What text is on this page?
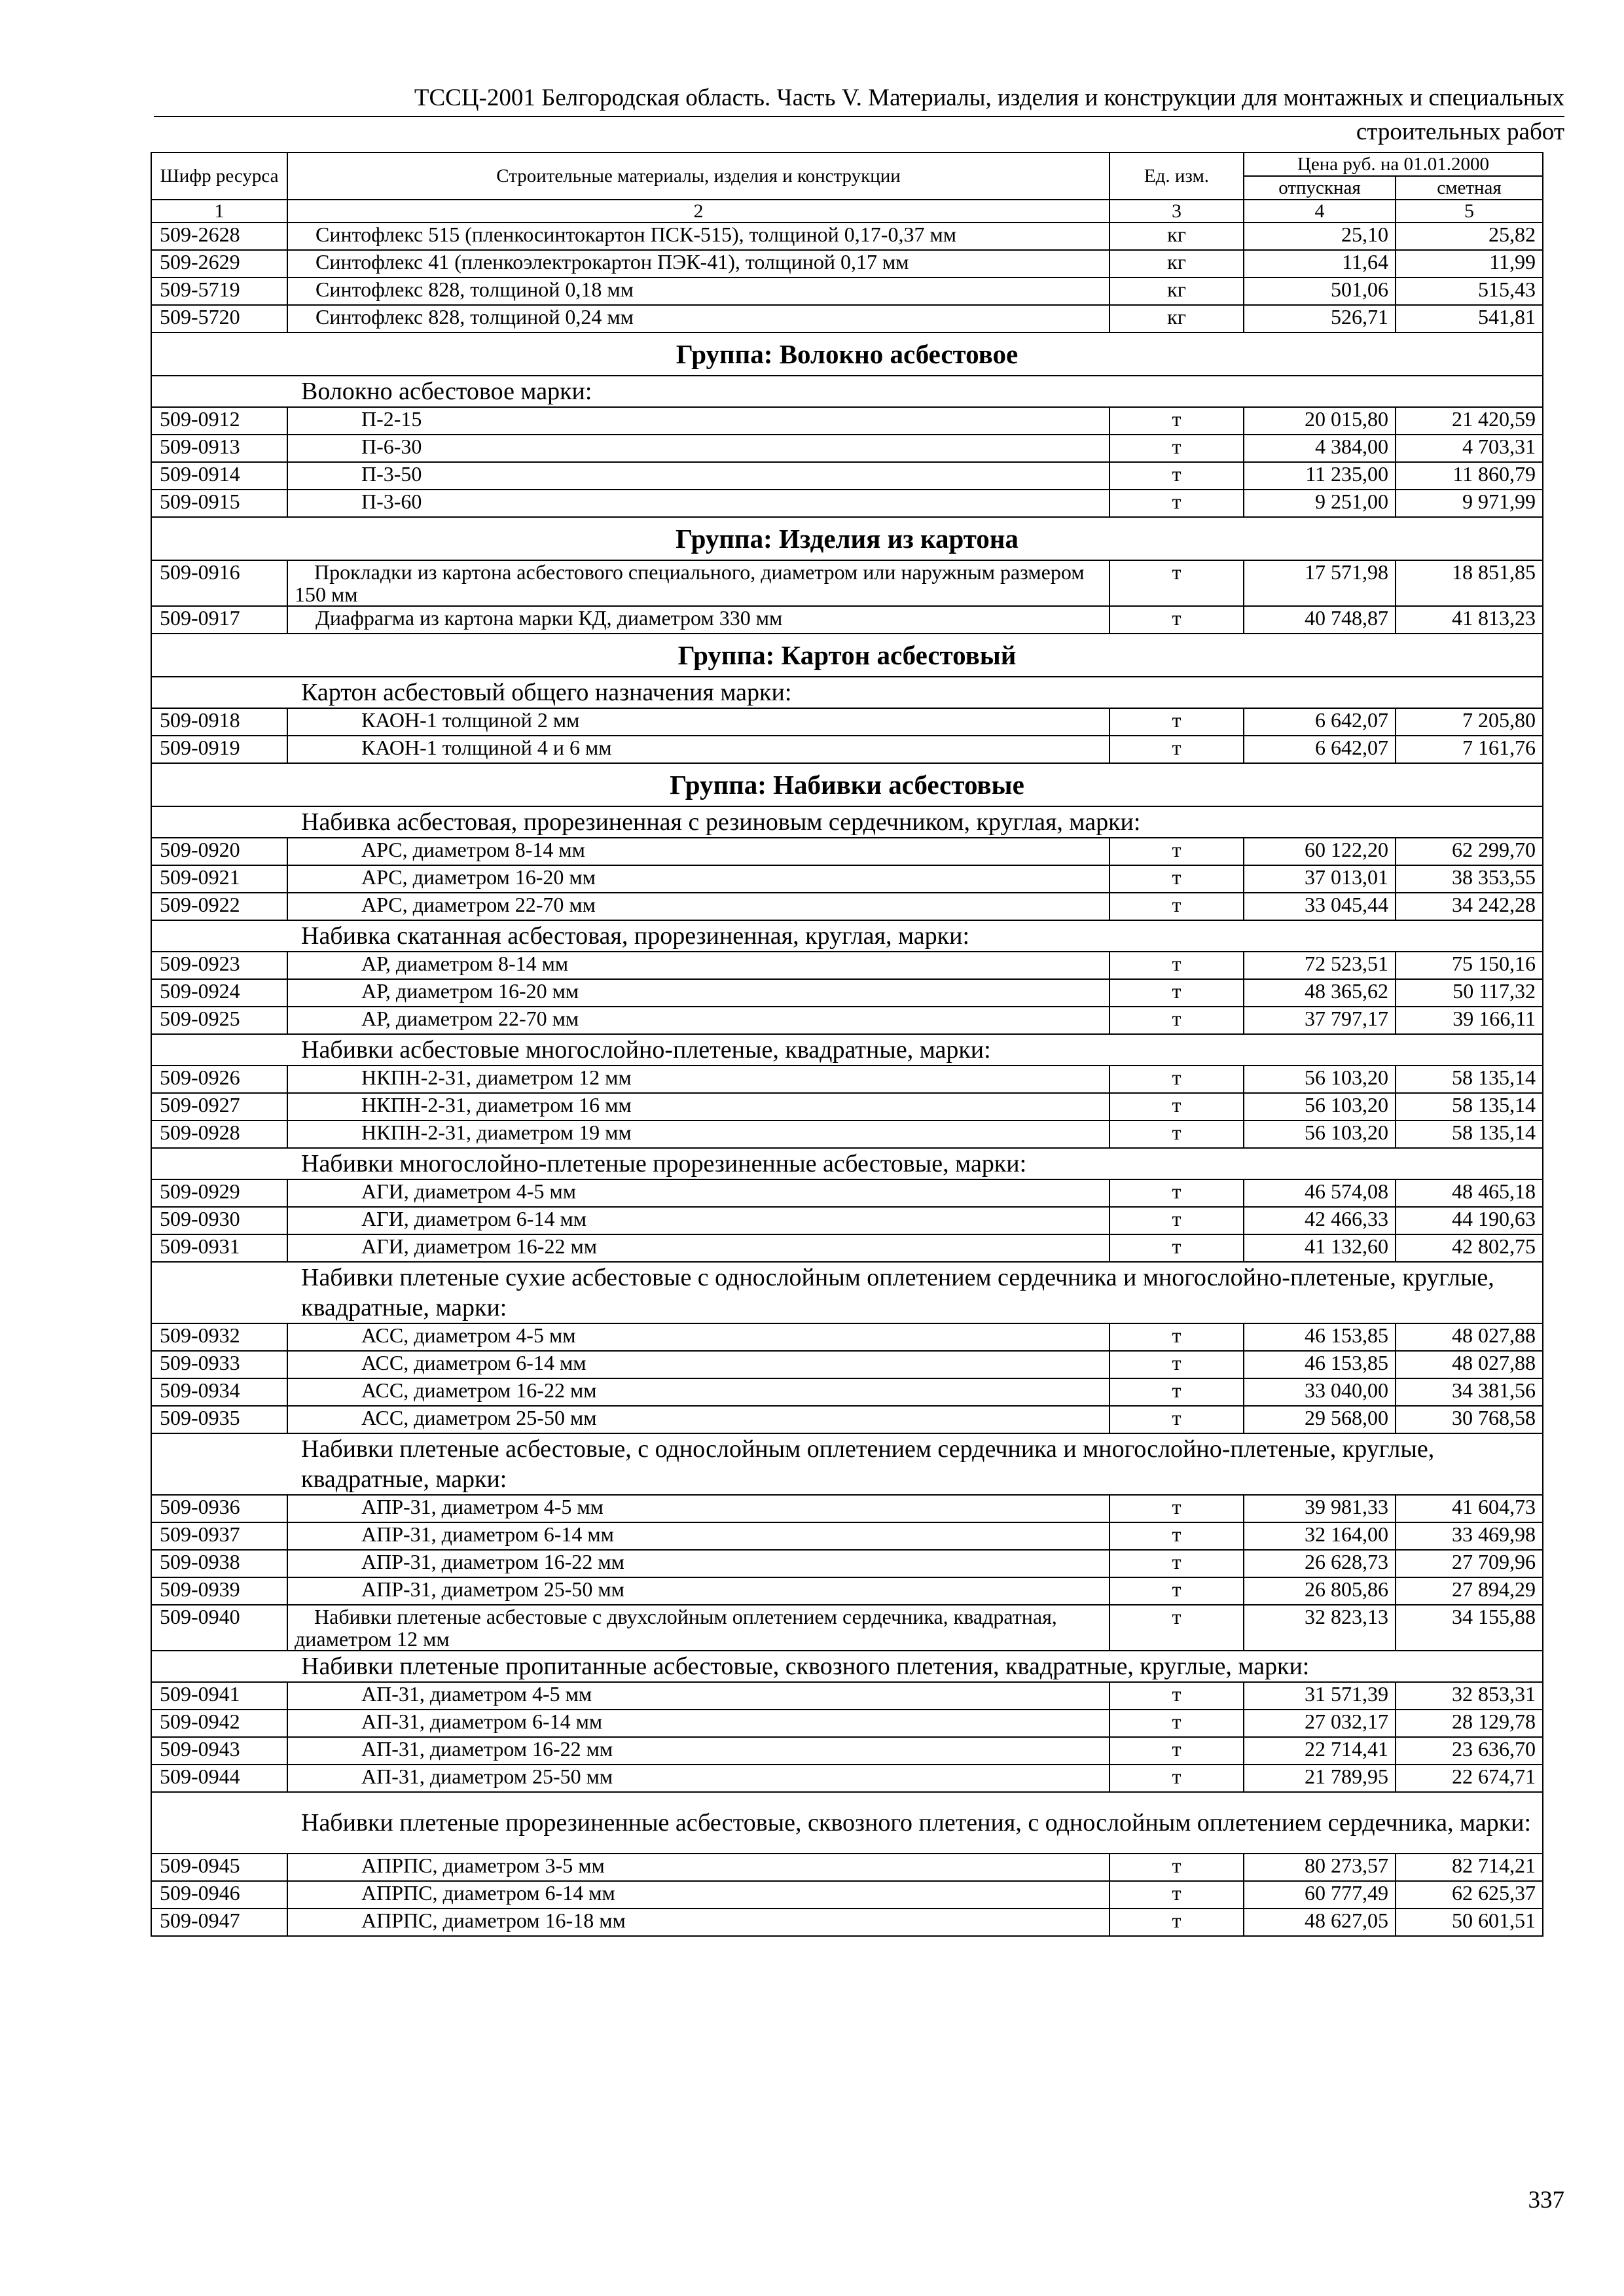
ТССЦ-2001 Белгородская область. Часть V. Материалы, изделия и конструкции для монтажных и специальных
строительных работ
Шифр ресурса	Строительные материалы, изделия и конструкции	Ед. изм.	Цена руб. на 01.01.2000	
			отпускная	сметная
1	2	3	4	5
509-2628	Синтофлекс 515 (пленкосинтокартон ПСК-515), толщиной 0,17-0,37 мм	кг	25,10	25,82
509-2629	Синтофлекс 41 (пленкоэлектрокартон ПЭК-41), толщиной 0,17 мм	кг	11,64	11,99
509-5719	Синтофлекс 828, толщиной 0,18 мм	кг	501,06	515,43
509-5720	Синтофлекс 828, толщиной 0,24 мм	кг	526,71	541,81
Группа: Волокно асбестовое				
Волокно асбестовое марки:				
509-0912	П-2-15	т	20 015,80	21 420,59
509-0913	П-6-30	т	4 384,00	4 703,31
509-0914	П-3-50	т	11 235,00	11 860,79
509-0915	П-3-60	т	9 251,00	9 971,99
Группа: Изделия из картона				
509-0916	Прокладки из картона асбестового специального, диаметром или наружным размером 150 мм	т	17 571,98	18 851,85
509-0917	Диафрагма из картона марки КД, диаметром 330 мм	т	40 748,87	41 813,23
Группа: Картон асбестовый				
Картон асбестовый общего назначения марки:				
509-0918	КАОН-1 толщиной 2 мм	т	6 642,07	7 205,80
509-0919	КАОН-1 толщиной 4 и 6 мм	т	6 642,07	7 161,76
Группа: Набивки асбестовые				
Набивка асбестовая, прорезиненная с резиновым сердечником, круглая, марки:				
509-0920	АРС, диаметром 8-14 мм	т	60 122,20	62 299,70
509-0921	АРС, диаметром 16-20 мм	т	37 013,01	38 353,55
509-0922	АРС, диаметром 22-70 мм	т	33 045,44	34 242,28
Набивка скатанная асбестовая, прорезиненная, круглая, марки:				
509-0923	АР, диаметром 8-14 мм	т	72 523,51	75 150,16
509-0924	АР, диаметром 16-20 мм	т	48 365,62	50 117,32
509-0925	АР, диаметром 22-70 мм	т	37 797,17	39 166,11
Набивки асбестовые многослойно-плетеные, квадратные, марки:				
509-0926	НКПН-2-31, диаметром 12 мм	т	56 103,20	58 135,14
509-0927	НКПН-2-31, диаметром 16 мм	т	56 103,20	58 135,14
509-0928	НКПН-2-31, диаметром 19 мм	т	56 103,20	58 135,14
Набивки многослойно-плетеные прорезиненные асбестовые, марки:				
509-0929	АГИ, диаметром 4-5 мм	т	46 574,08	48 465,18
509-0930	АГИ, диаметром 6-14 мм	т	42 466,33	44 190,63
509-0931	АГИ, диаметром 16-22 мм	т	41 132,60	42 802,75
Набивки плетеные сухие асбестовые с однослойным оплетением сердечника и многослойно-плетеные, круглые, квадратные, марки:				
509-0932	АСС, диаметром 4-5 мм	т	46 153,85	48 027,88
509-0933	АСС, диаметром 6-14 мм	т	46 153,85	48 027,88
509-0934	АСС, диаметром 16-22 мм	т	33 040,00	34 381,56
509-0935	АСС, диаметром 25-50 мм	т	29 568,00	30 768,58
Набивки плетеные асбестовые, с однослойным оплетением сердечника и многослойно-плетеные, круглые, квадратные, марки:				
509-0936	АПР-31, диаметром 4-5 мм	т	39 981,33	41 604,73
509-0937	АПР-31, диаметром 6-14 мм	т	32 164,00	33 469,98
509-0938	АПР-31, диаметром 16-22 мм	т	26 628,73	27 709,96
509-0939	АПР-31, диаметром 25-50 мм	т	26 805,86	27 894,29
509-0940	Набивки плетеные асбестовые с двухслойным оплетением сердечника, квадратная, диаметром 12 мм	т	32 823,13	34 155,88
Набивки плетеные пропитанные асбестовые, сквозного плетения, квадратные, круглые, марки:				
509-0941	АП-31, диаметром 4-5 мм	т	31 571,39	32 853,31
509-0942	АП-31, диаметром 6-14 мм	т	27 032,17	28 129,78
509-0943	АП-31, диаметром 16-22 мм	т	22 714,41	23 636,70
509-0944	АП-31, диаметром 25-50 мм	т	21 789,95	22 674,71
Набивки плетеные прорезиненные асбестовые, сквозного плетения, с однослойным оплетением сердечника, марки:				
509-0945	АПРПС, диаметром 3-5 мм	т	80 273,57	82 714,21
509-0946	АПРПС, диаметром 6-14 мм	т	60 777,49	62 625,37
509-0947	АПРПС, диаметром 16-18 мм	т	48 627,05	50 601,51
337
